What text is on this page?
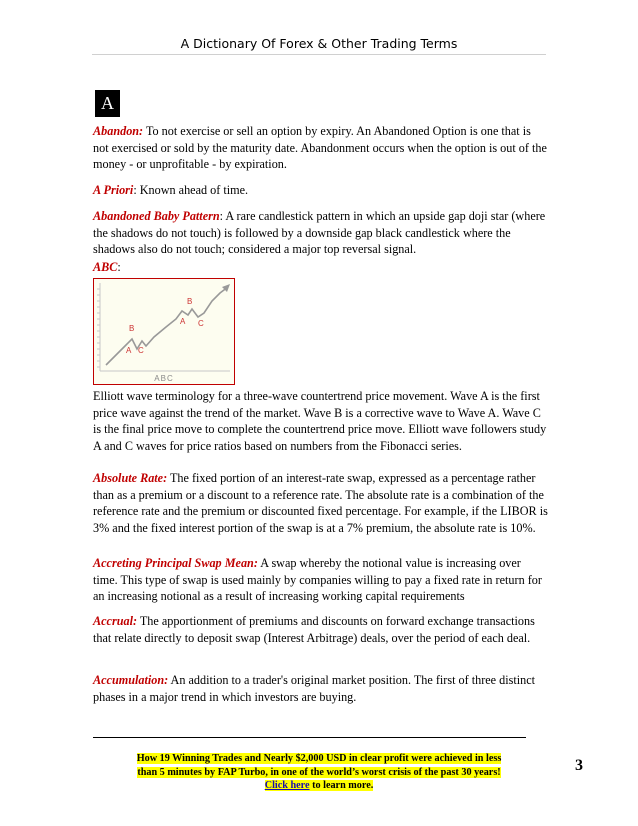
A Dictionary Of Forex & Other Trading Terms
A
Abandon: To not exercise or sell an option by expiry. An Abandoned Option is one that is not exercised or sold by the maturity date. Abandonment occurs when the option is out of the money - or unprofitable - by expiration.
A Priori: Known ahead of time.
Abandoned Baby Pattern: A rare candlestick pattern in which an upside gap doji star (where the shadows do not touch) is followed by a downside gap black candlestick where the shadows also do not touch; considered a major top reversal signal.
ABC:
B
A C
B
A C
ABC
Elliott wave terminology for a three-wave countertrend price movement. Wave A is the first price wave against the trend of the market. Wave B is a corrective wave to Wave A. Wave C is the final price move to complete the countertrend price move. Elliott wave followers study A and C waves for price ratios based on numbers from the Fibonacci series.
Absolute Rate: The fixed portion of an interest-rate swap, expressed as a percentage rather than as a premium or a discount to a reference rate. The absolute rate is a combination of the reference rate and the premium or discounted fixed percentage. For example, if the LIBOR is 3% and the fixed interest portion of the swap is at a 7% premium, the absolute rate is 10%.
Accreting Principal Swap Mean: A swap whereby the notional value is increasing over time. This type of swap is used mainly by companies willing to pay a fixed rate in return for an increasing notional as a result of increasing working capital requirements
Accrual: The apportionment of premiums and discounts on forward exchange transactions that relate directly to deposit swap (Interest Arbitrage) deals, over the period of each deal.
Accumulation: An addition to a trader's original market position. The first of three distinct phases in a major trend in which investors are buying.
How 19 Winning Trades and Nearly $2,000 USD in clear profit were achieved in less
than 5 minutes by FAP Turbo, in one of the world’s worst crisis of the past 30 years!
Click here to learn more.
3
